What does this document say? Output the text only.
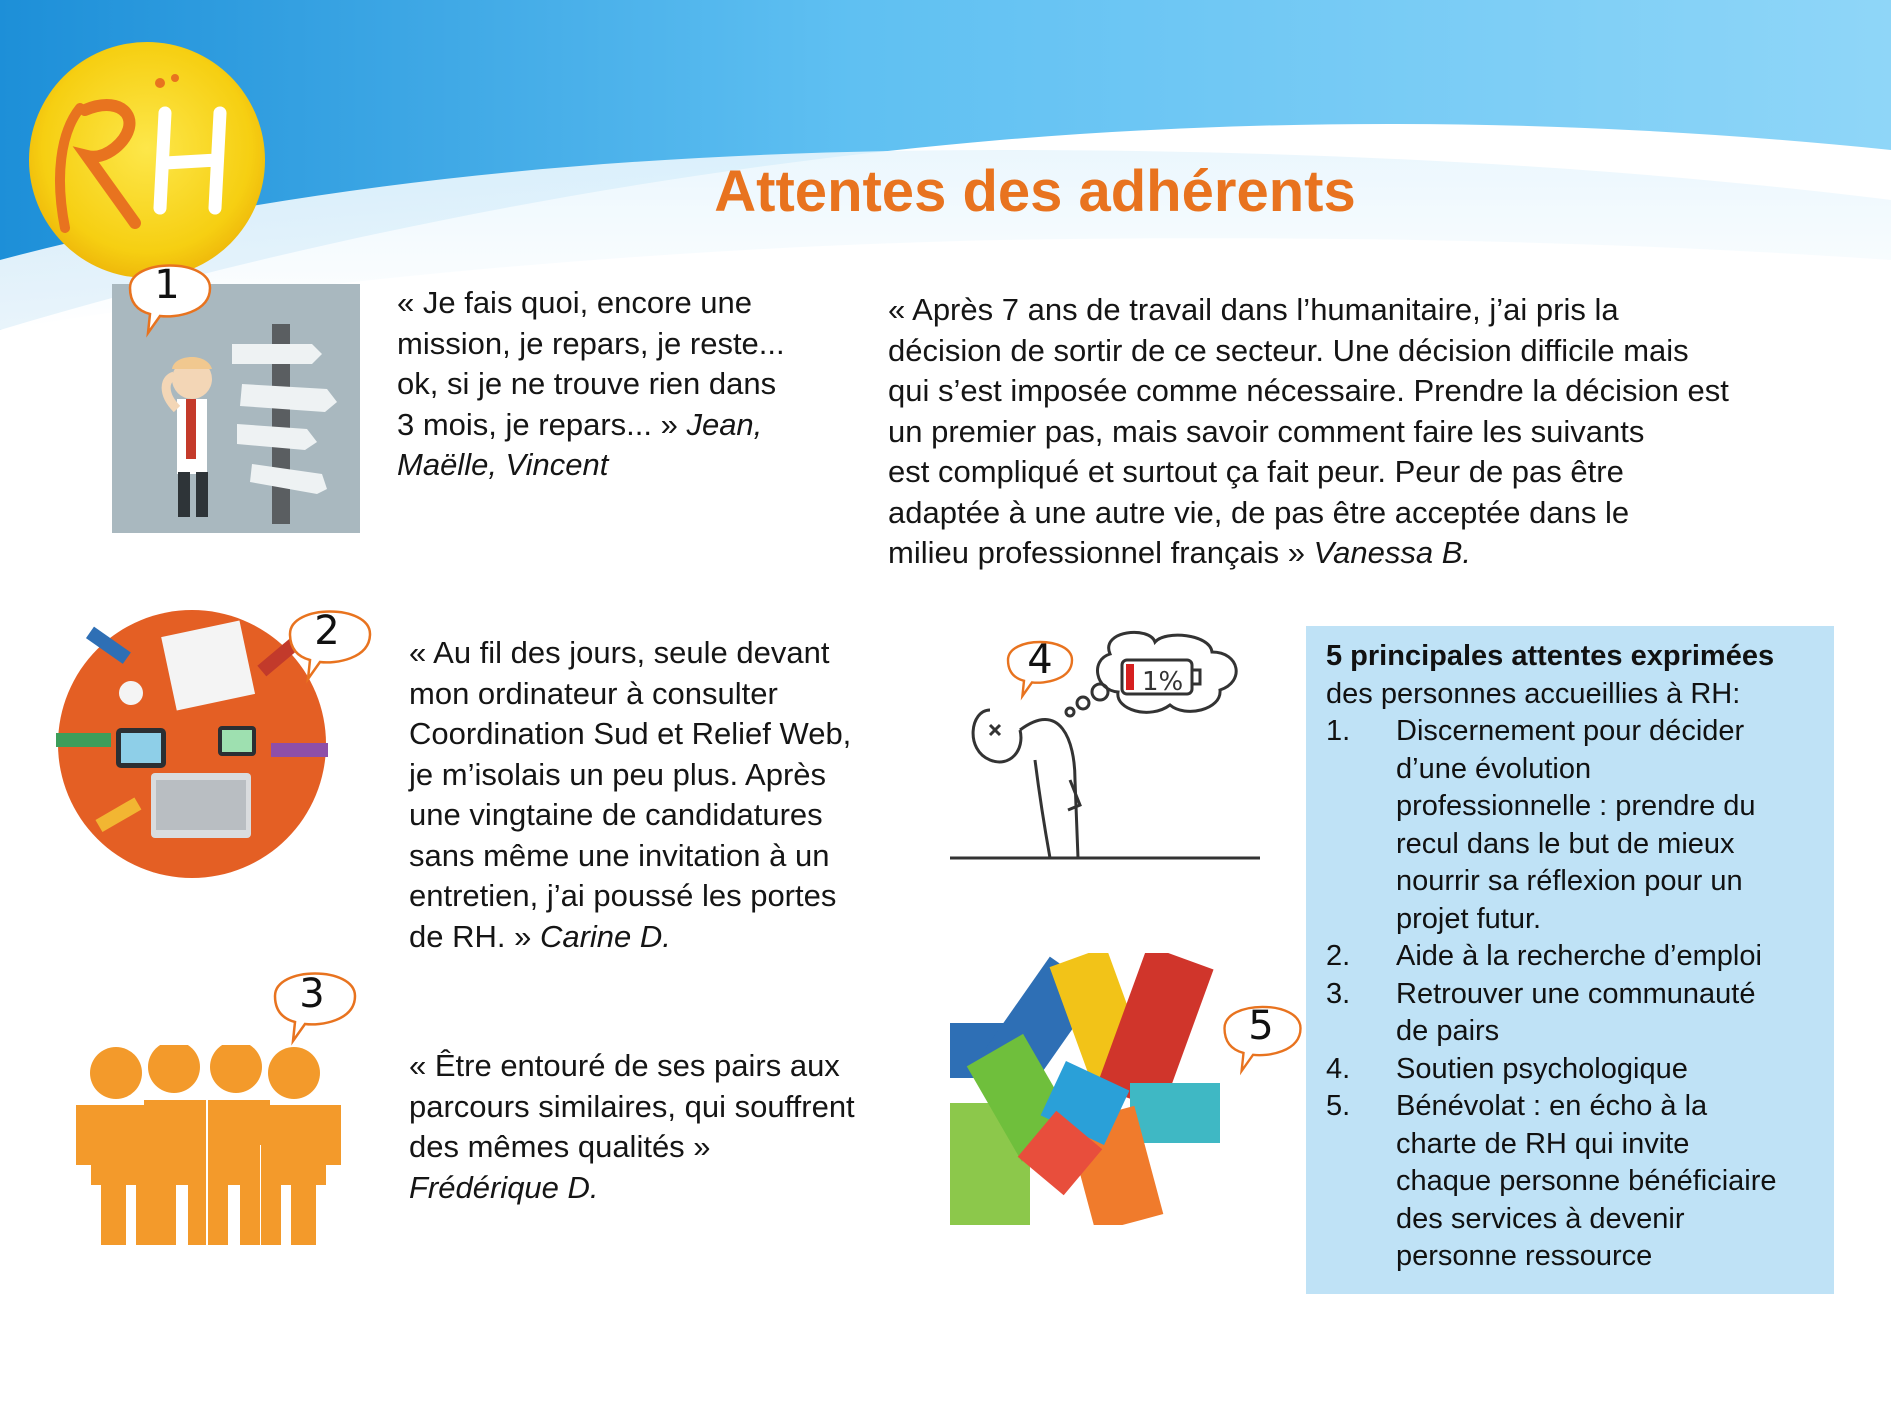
Attentes des adhérents
1%
1
2
3
4
5
« Je fais quoi, encore une
mission, je repars, je reste...
ok, si je ne trouve rien dans
3 mois, je repars... » Jean,
Maëlle, Vincent
« Après 7 ans de travail dans l’humanitaire, j’ai pris la
décision de sortir de ce secteur. Une décision difficile mais
qui s’est imposée comme nécessaire. Prendre la décision est
un premier pas, mais savoir comment faire les suivants
est compliqué et surtout ça fait peur. Peur de pas être
adaptée à une autre vie, de pas être acceptée dans le
milieu professionnel français » Vanessa B.
« Au fil des jours, seule devant
mon ordinateur à consulter
Coordination Sud et Relief Web,
je m’isolais un peu plus. Après
une vingtaine de candidatures
sans même une invitation à un
entretien, j’ai poussé les portes
de RH. » Carine D.
« Être entouré de ses pairs aux
parcours similaires, qui souffrent
des mêmes qualités »
Frédérique D.
5 principales attentes exprimées
des personnes accueillies à RH:
1. Discernement pour décider
d’une évolution
professionnelle : prendre du
recul dans le but de mieux
nourrir sa réflexion pour un
projet futur.
2. Aide à la recherche d’emploi
3. Retrouver une communauté
de pairs
4. Soutien psychologique
5. Bénévolat : en écho à la
charte de RH qui invite
chaque personne bénéficiaire
des services à devenir
personne ressource
